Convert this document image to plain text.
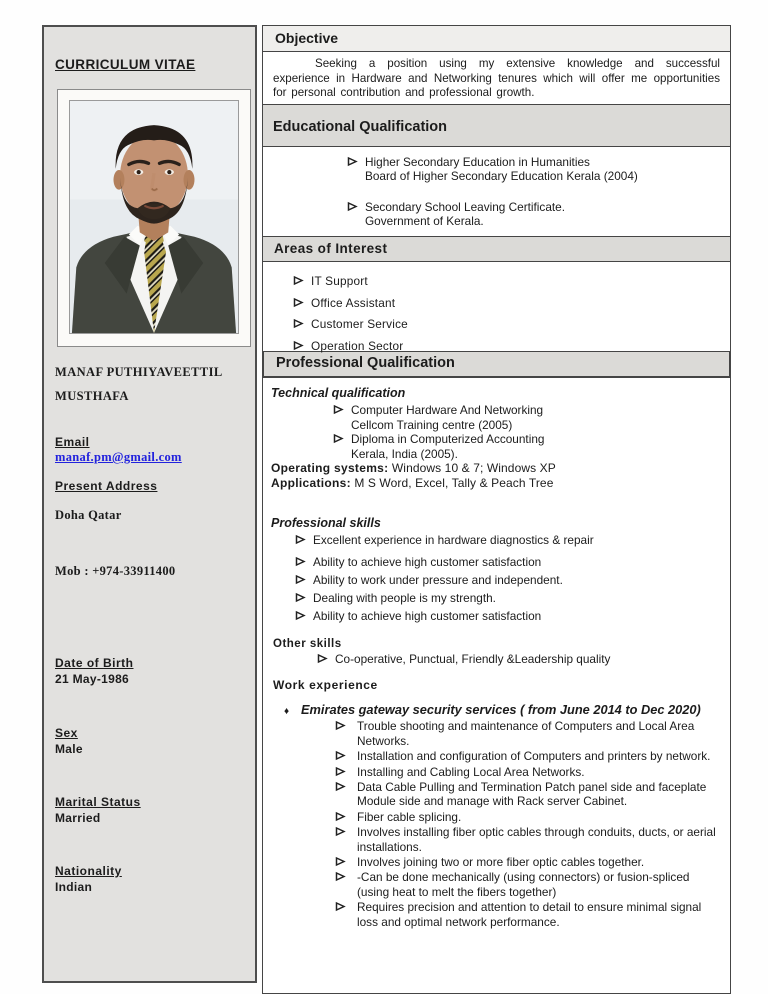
CURRICULUM VITAE
MANAF PUTHIYAVEETTIL
MUSTHAFA
Email
manaf.pm@gmail.com
Present Address
Doha Qatar
Mob : +974-33911400
Date of Birth
21 May-1986
Sex
Male
Marital Status
Married
Nationality
Indian
Objective

Seeking a position using my extensive knowledge and successful experience in Hardware and Networking tenures which will offer me opportunities for personal contribution and professional growth.

Educational Qualification
Higher Secondary Education in Humanities
Board of Higher Secondary Education Kerala (2004)
Secondary School Leaving Certificate.
Government of Kerala.
Areas of Interest
IT Support
Office Assistant
Customer Service
Operation Sector
Professional Qualification
Technical qualification
Computer Hardware And Networking
Cellcom Training centre (2005)
Diploma in Computerized Accounting
Kerala, India (2005).

Operating systems: Windows 10 & 7; Windows XP

Applications: M S Word, Excel, Tally & Peach Tree

Professional skills
Excellent experience in hardware diagnostics & repair
Ability to achieve high customer satisfaction
Ability to work under pressure and independent.
Dealing with people is my strength.
Ability to achieve high customer satisfaction
Other skills
Co-operative, Punctual, Friendly &Leadership quality
Work experience
♦ Emirates gateway security services ( from June 2014 to Dec 2020)
Trouble shooting and maintenance of Computers and Local Area Networks.
Installation and configuration of Computers and printers by network.
Installing and Cabling Local Area Networks.
Data Cable Pulling and Termination Patch panel side and faceplate Module side and manage with Rack server Cabinet.
Fiber cable splicing.
Involves installing fiber optic cables through conduits, ducts, or aerial installations.
Involves joining two or more fiber optic cables together.
-Can be done mechanically (using connectors) or fusion-spliced (using heat to melt the fibers together)
Requires precision and attention to detail to ensure minimal signal loss and optimal network performance.
